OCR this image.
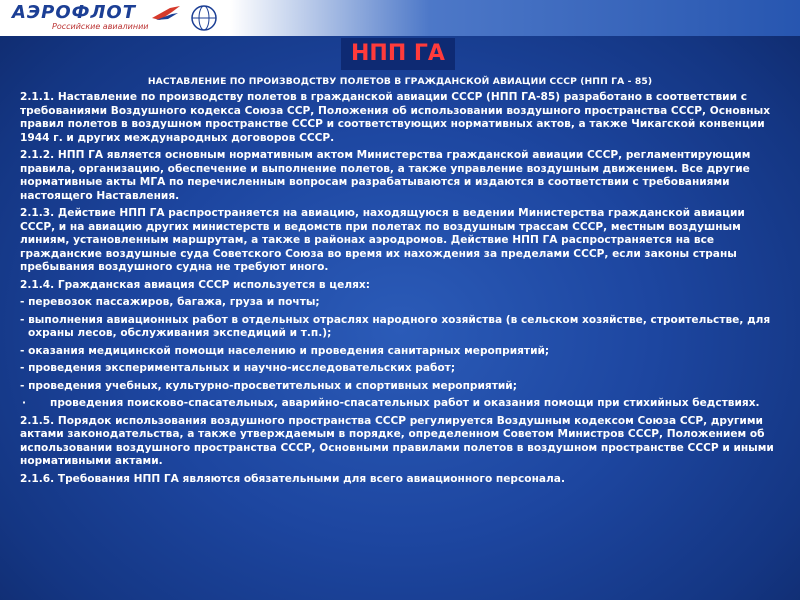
АЭРОФЛОТ
Российские авиалинии
НПП ГА
НАСТАВЛЕНИЕ ПО ПРОИЗВОДСТВУ ПОЛЕТОВ В ГРАЖДАНСКОЙ АВИАЦИИ СССР (НПП ГА - 85)

2.1.1. Наставление по производству полетов в гражданской авиации СССР (НПП ГА-85) разработано в соответствии с требованиями Воздушного кодекса Союза ССР, Положения об использовании воздушного пространства СССР, Основных правил полетов в воздушном пространстве СССР и соответствующих нормативных актов, а также Чикагской конвенции 1944 г. и других международных договоров СССР.

2.1.2. НПП ГА является основным нормативным актом Министерства гражданской авиации СССР, регламентирующим правила, организацию, обеспечение и выполнение полетов, а также управление воздушным движением. Все другие нормативные акты МГА по перечисленным вопросам разрабатываются и издаются в соответствии с требованиями настоящего Наставления.

2.1.3. Действие НПП ГА распространяется на авиацию, находящуюся в ведении Министерства гражданской авиации СССР, и на авиацию других министерств и ведомств при полетах по воздушным трассам СССР, местным воздушным линиям, установленным маршрутам, а также в районах аэродромов. Действие НПП ГА распространяется на все гражданские воздушные суда Советского Союза во время их нахождения за пределами СССР, если законы страны пребывания воздушного судна не требуют иного.

2.1.4. Гражданская авиация СССР используется в целях:

- перевозок пассажиров, багажа, груза и почты;

- выполнения авиационных работ в отдельных отраслях народного хозяйства (в сельском хозяйстве, строительстве, для охраны лесов, обслуживания экспедиций и т.п.);

- оказания медицинской помощи населению и проведения санитарных мероприятий;

- проведения экспериментальных и научно-исследовательских работ;

- проведения учебных, культурно-просветительных и спортивных мероприятий;

· проведения поисково-спасательных, аварийно-спасательных работ и оказания помощи при стихийных бедствиях.

2.1.5. Порядок использования воздушного пространства СССР регулируется Воздушным кодексом Союза ССР, другими актами законодательства, а также утверждаемым в порядке, определенном Советом Министров СССР, Положением об использовании воздушного пространства СССР, Основными правилами полетов в воздушном пространстве СССР и иными нормативными актами.

2.1.6. Требования НПП ГА являются обязательными для всего авиационного персонала.
